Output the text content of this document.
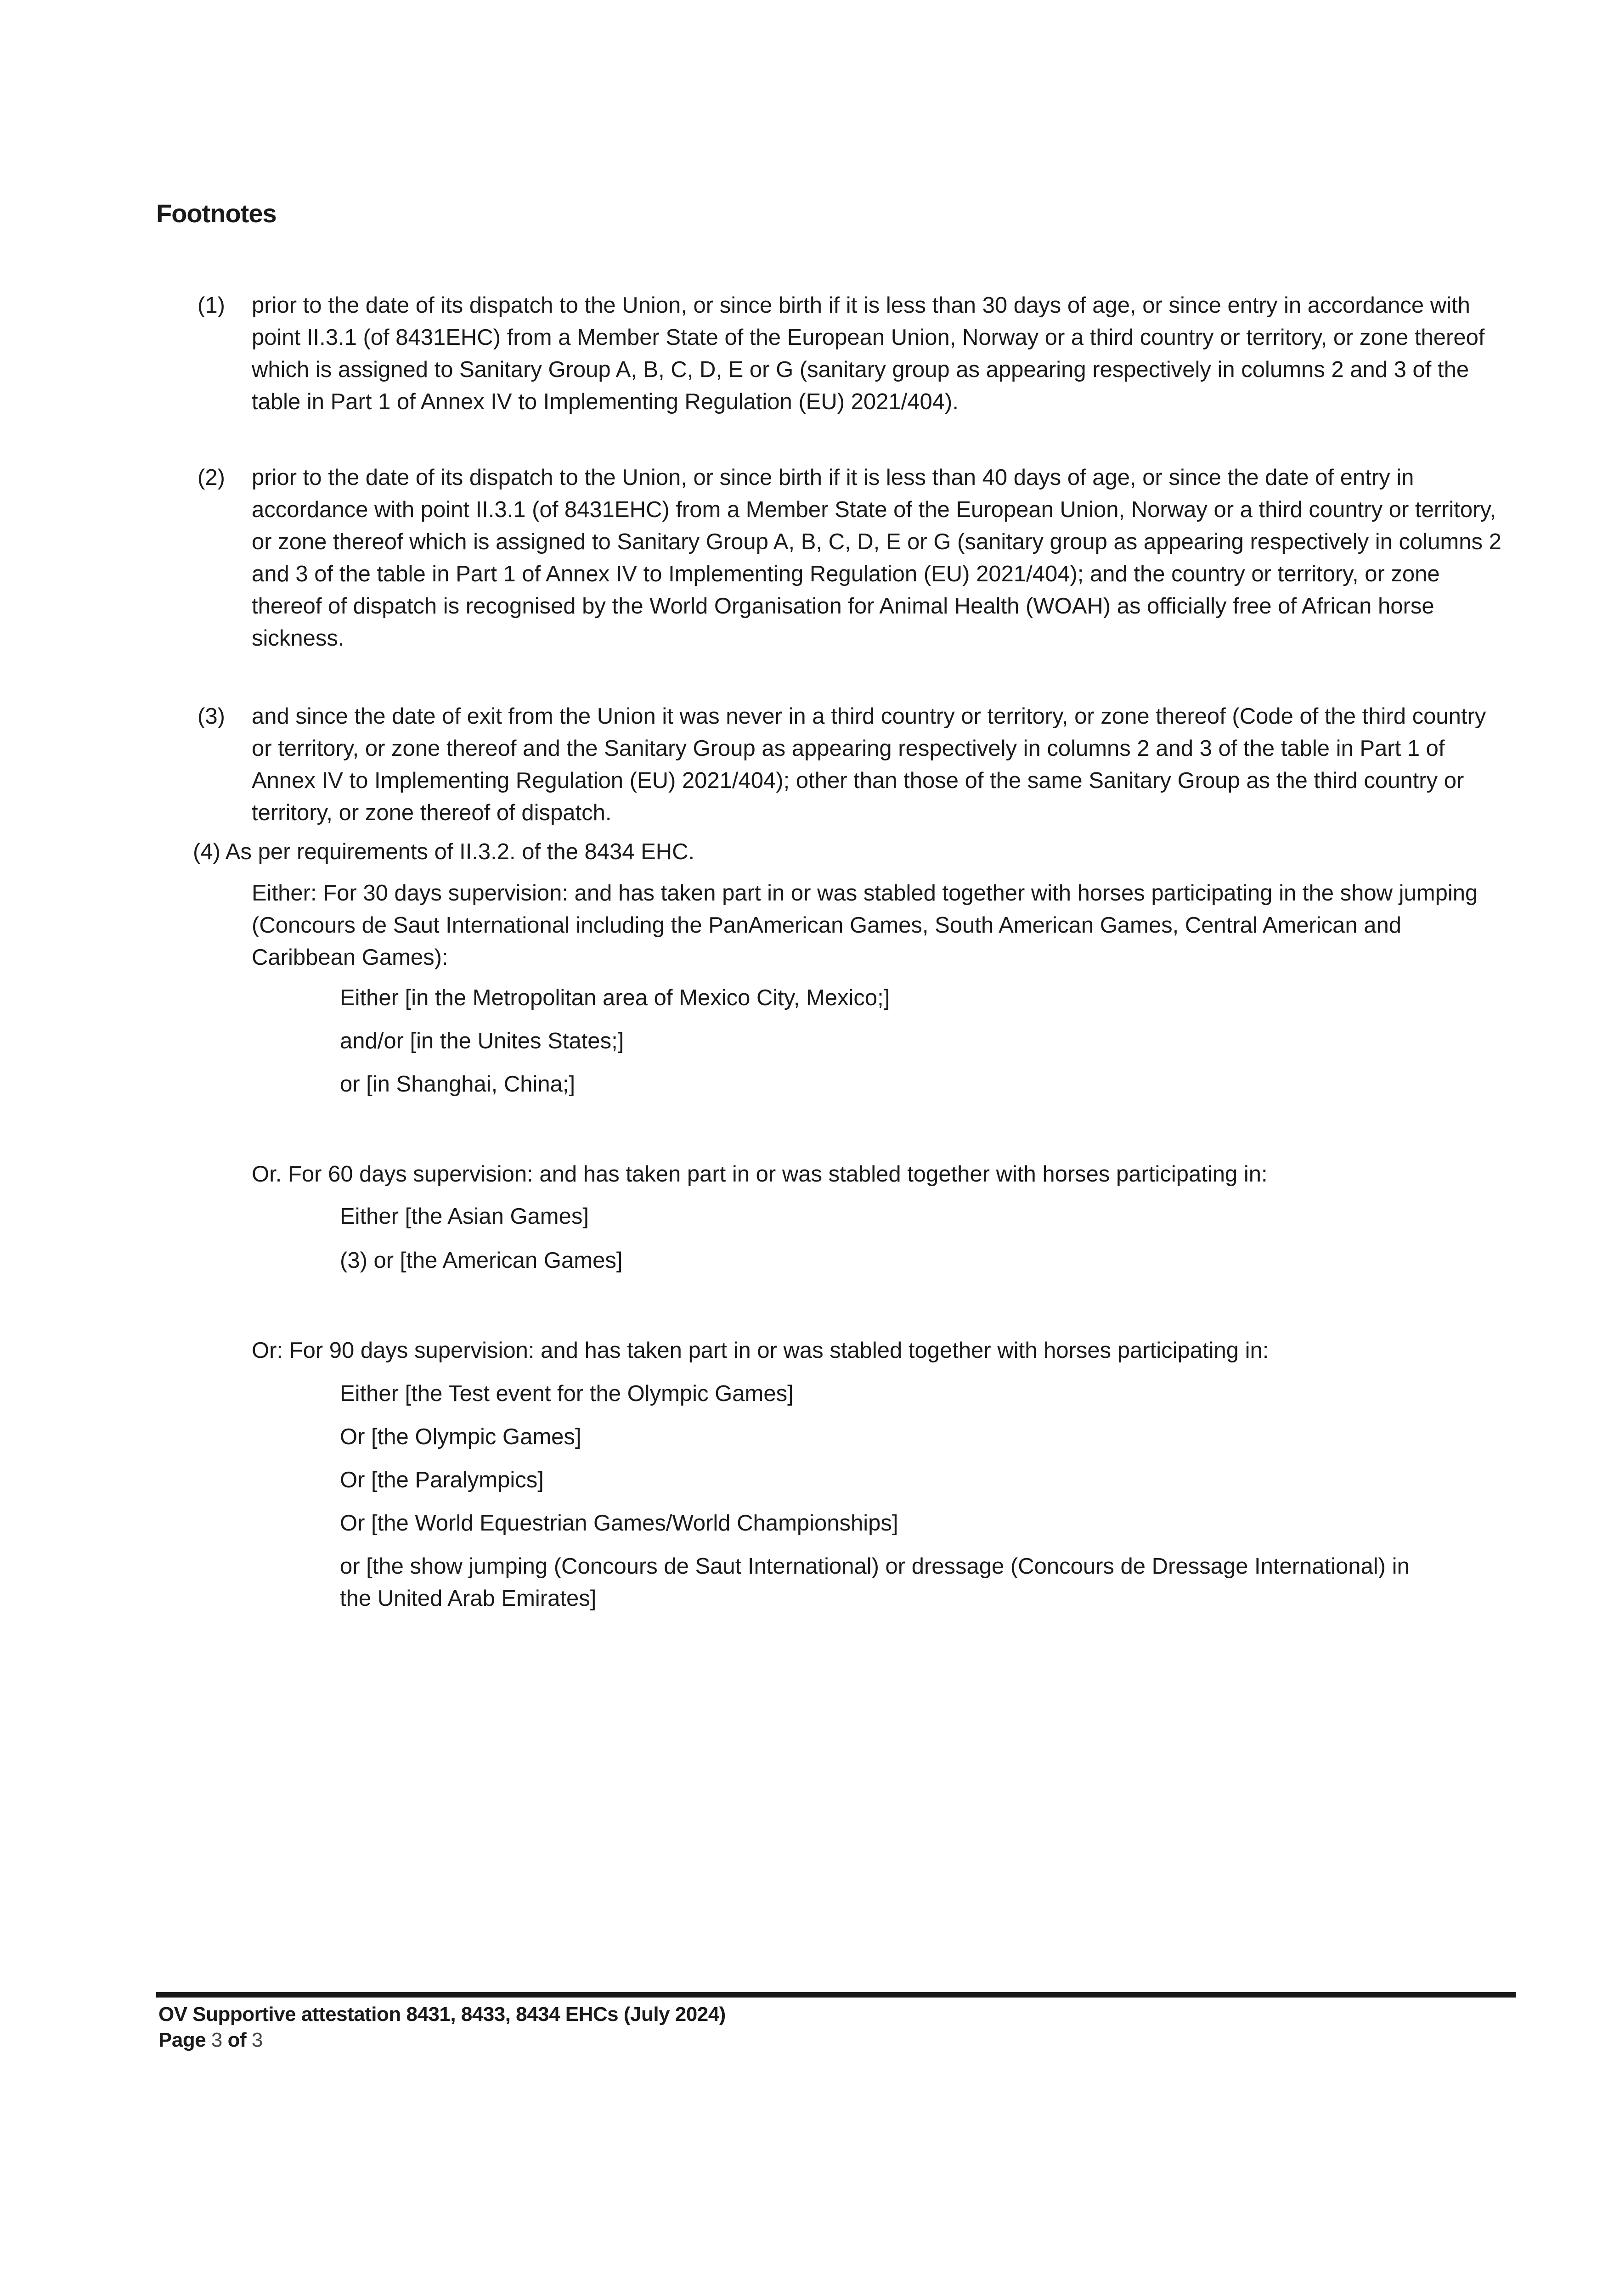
Footnotes
(1) prior to the date of its dispatch to the Union, or since birth if it is less than 30 days of age, or since entry in accordance with point II.3.1 (of 8431EHC) from a Member State of the European Union, Norway or a third country or territory, or zone thereof which is assigned to Sanitary Group A, B, C, D, E or G (sanitary group as appearing respectively in columns 2 and 3 of the table in Part 1 of Annex IV to Implementing Regulation (EU) 2021/404).
(2) prior to the date of its dispatch to the Union, or since birth if it is less than 40 days of age, or since the date of entry in accordance with point II.3.1 (of 8431EHC) from a Member State of the European Union, Norway or a third country or territory, or zone thereof which is assigned to Sanitary Group A, B, C, D, E or G (sanitary group as appearing respectively in columns 2 and 3 of the table in Part 1 of Annex IV to Implementing Regulation (EU) 2021/404); and the country or territory, or zone thereof of dispatch is recognised by the World Organisation for Animal Health (WOAH) as officially free of African horse sickness.
(3) and since the date of exit from the Union it was never in a third country or territory, or zone thereof (Code of the third country or territory, or zone thereof and the Sanitary Group as appearing respectively in columns 2 and 3 of the table in Part 1 of Annex IV to Implementing Regulation (EU) 2021/404); other than those of the same Sanitary Group as the third country or territory, or zone thereof of dispatch.
(4) As per requirements of II.3.2. of the 8434 EHC.
Either: For 30 days supervision: and has taken part in or was stabled together with horses participating in the show jumping (Concours de Saut International including the PanAmerican Games, South American Games, Central American and Caribbean Games):
Either [in the Metropolitan area of Mexico City, Mexico;]
and/or [in the Unites States;]
or [in Shanghai, China;]
Or. For 60 days supervision: and has taken part in or was stabled together with horses participating in:
Either [the Asian Games]
(3) or [the American Games]
Or: For 90 days supervision: and has taken part in or was stabled together with horses participating in:
Either [the Test event for the Olympic Games]
Or [the Olympic Games]
Or [the Paralympics]
Or [the World Equestrian Games/World Championships]
or [the show jumping (Concours de Saut International) or dressage (Concours de Dressage International) in the United Arab Emirates]
OV Supportive attestation 8431, 8433, 8434 EHCs (July 2024)
Page 3 of 3
